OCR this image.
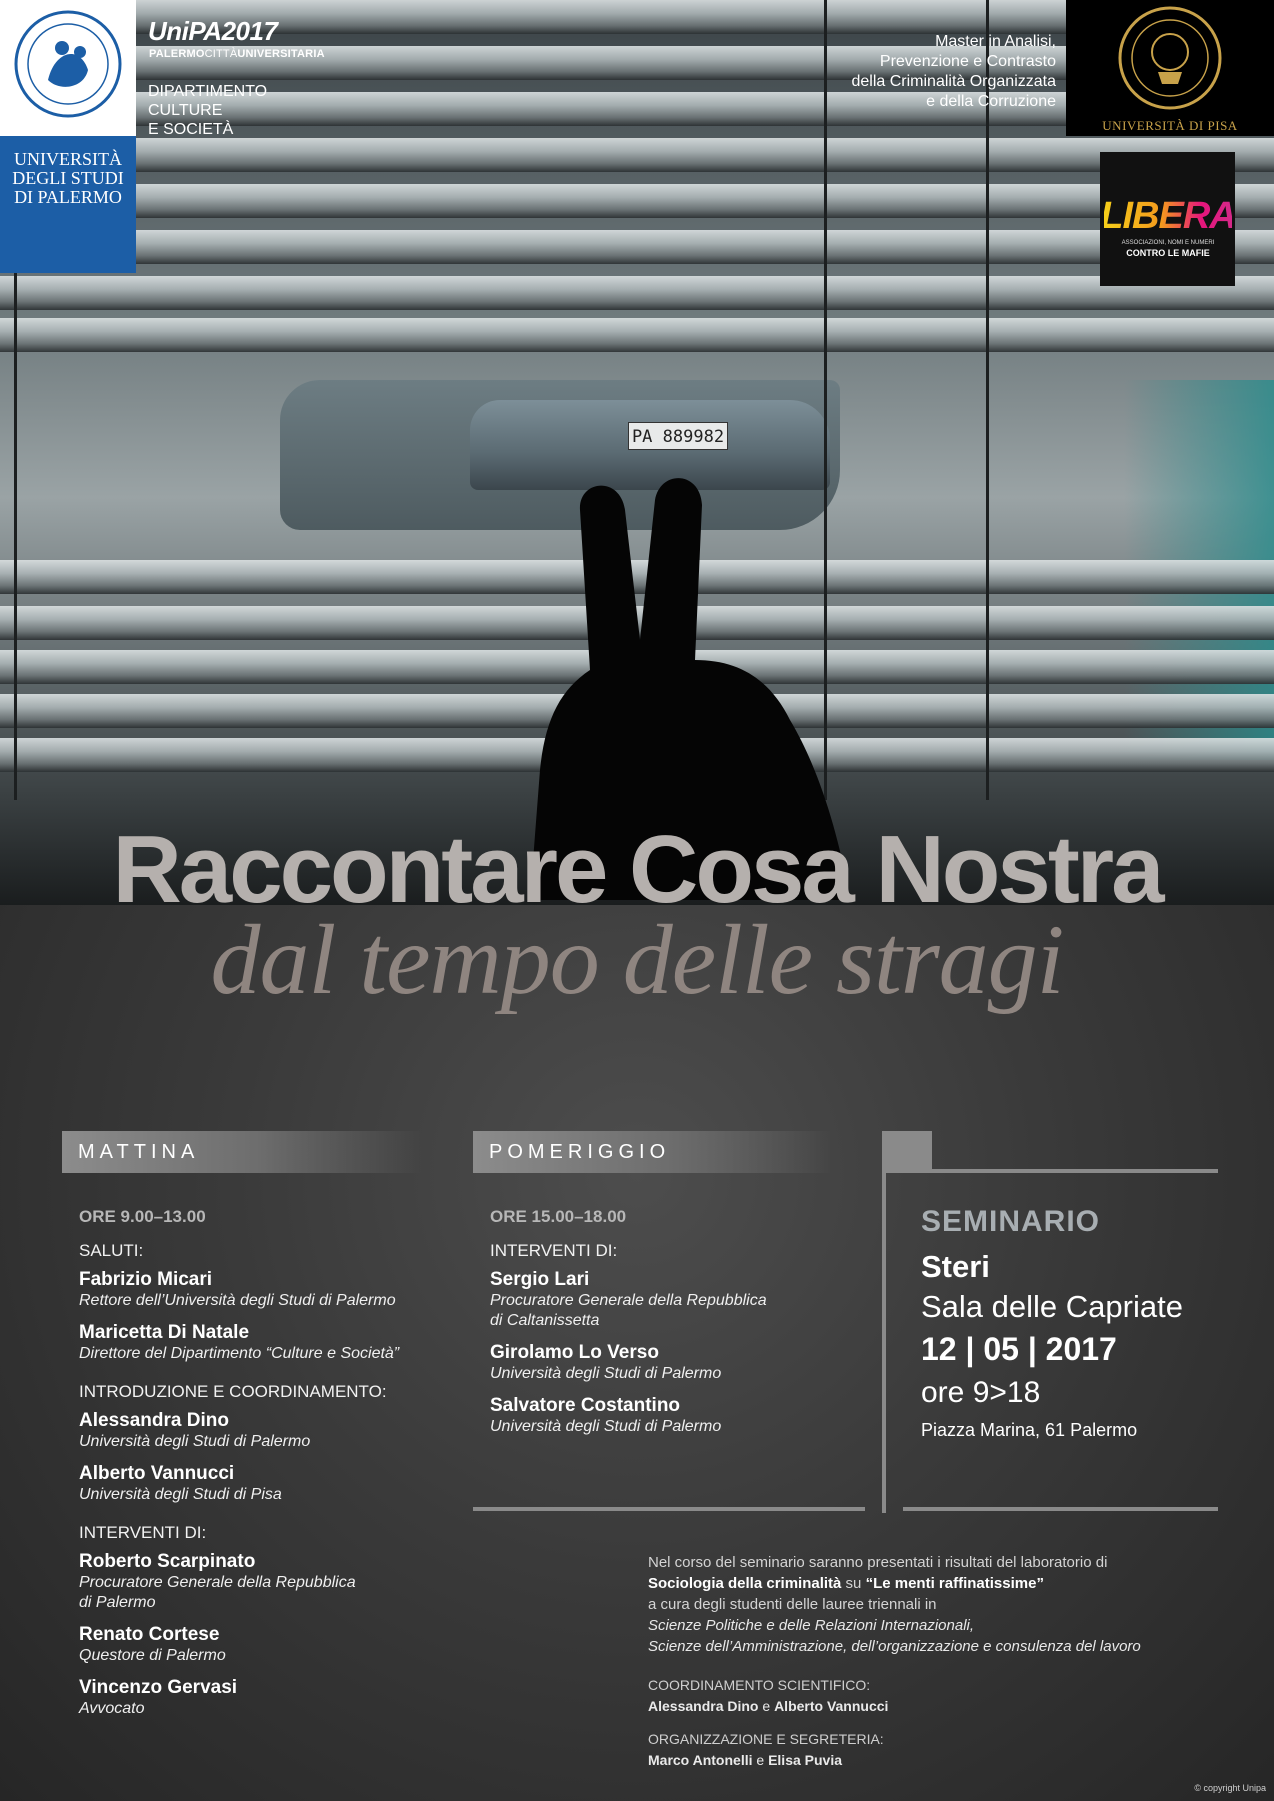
PA 889982
UNIVERSITÀ
DEGLI STUDI
DI PALERMO
UniPA2017
PALERMOCITTÀUNIVERSITARIA
DIPARTIMENTO
CULTURE
E SOCIETÀ
Master in Analisi,
Prevenzione e Contrasto
della Criminalità Organizzata
e della Corruzione
UNIVERSITÀ DI PISA
LIBERA
ASSOCIAZIONI, NOMI E NUMERI
CONTRO LE MAFIE
Raccontare Cosa Nostra
dal tempo delle stragi
MATTINA	POMERIGGIO
ORE 9.00–13.00
SALUTI:
Fabrizio Micari
Rettore dell’Università degli Studi di Palermo
Maricetta Di Natale
Direttore del Dipartimento “Culture e Società”
INTRODUZIONE E COORDINAMENTO:
Alessandra Dino
Università degli Studi di Palermo
Alberto Vannucci
Università degli Studi di Pisa
INTERVENTI DI:
Roberto Scarpinato
Procuratore Generale della Repubblica
di Palermo
Renato Cortese
Questore di Palermo
Vincenzo Gervasi
Avvocato
ORE 15.00–18.00
INTERVENTI DI:
Sergio Lari
Procuratore Generale della Repubblica
di Caltanissetta
Girolamo Lo Verso
Università degli Studi di Palermo
Salvatore Costantino
Università degli Studi di Palermo
SEMINARIO
Steri
Sala delle Capriate
12 | 05 | 2017
ore 9>18
Piazza Marina, 61 Palermo
Nel corso del seminario saranno presentati i risultati del laboratorio di
Sociologia della criminalità su “Le menti raffinatissime”
a cura degli studenti delle lauree triennali in
Scienze Politiche e delle Relazioni Internazionali,
Scienze dell’Amministrazione, dell’organizzazione e consulenza del lavoro
COORDINAMENTO SCIENTIFICO:
Alessandra Dino e Alberto Vannucci
ORGANIZZAZIONE E SEGRETERIA:
Marco Antonelli e Elisa Puvia
© copyright Unipa
